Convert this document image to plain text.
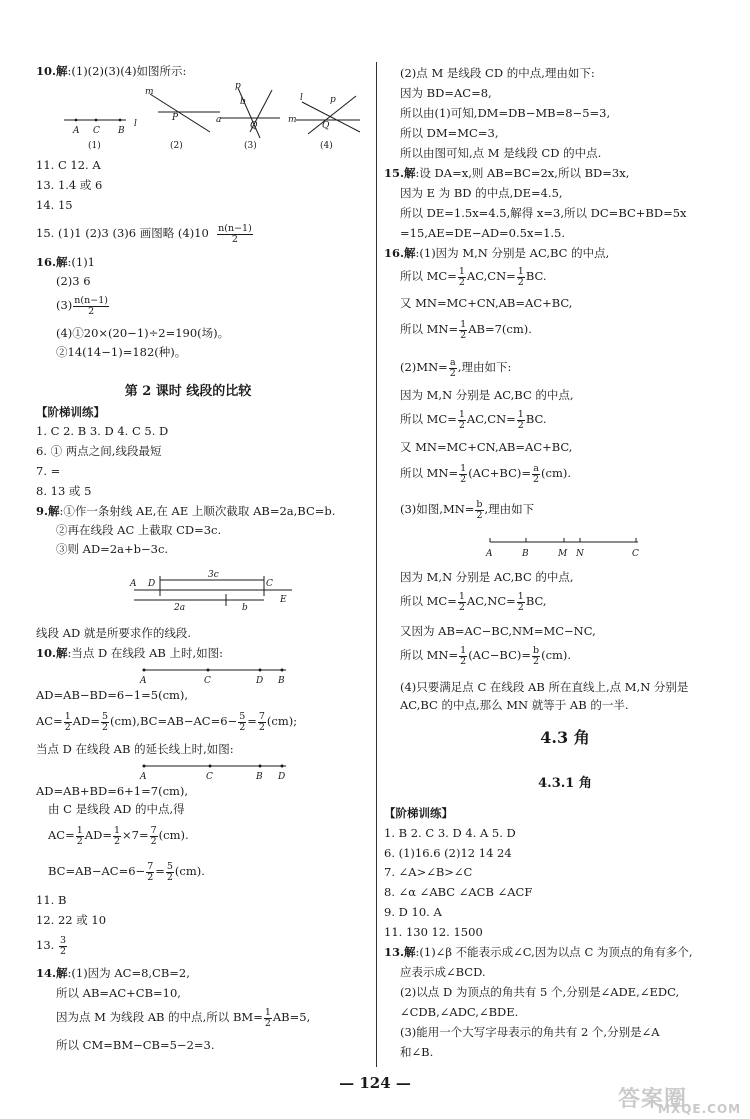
10.解:(1)(2)(3)(4)如图所示:
A C B
l
(1)
m
P
(2)
p
b
a
Q
(3)
l
m
Q
p
(4)
11. C 12. A
13. 1.4 或 6
14. 15
15. (1)1 (2)3 (3)6 画图略 $(4)10 \frac{n(n-1)}{2}$
16.解:(1)1
(2)3 6
$(3) \frac{n(n-1)}{2}$
(4)①20×(20−1)÷2=190(场)。
②14(14−1)=182(种)。
第 2 课时 线段的比较
【阶梯训练】
1. C 2. B 3. D 4. C 5. D
6. ① 两点之间,线段最短
7. =
8. 13 或 5
9.解:①作一条射线 AE,在 AE 上顺次截取 AB=2a,BC=b.
②再在线段 AC 上截取 CD=3c.
③则 AD=2a+b−3c.
A D	C
E
3c
2a	b
线段 AD 就是所要求作的线段.
10.解:当点 D 在线段 AB 上时,如图:
A	C	D B
AD=AB−BD=6−1=5(cm),
$AC= \frac{1}{2} AD= \frac{5}{2} (cm),BC=AB-AC=6- \frac{5}{2} = \frac{7}{2} (cm)$;
当点 D 在线段 AB 的延长线上时,如图:
A	C	B D
AD=AB+BD=6+1=7(cm),
由 C 是线段 AD 的中点,得
$AC= \frac{1}{2} AD= \frac{1}{2} \times 7= \frac{7}{2} (cm)$.
$BC=AB-AC=6- \frac{7}{2} = \frac{5}{2} (cm)$.
11. B
12. 22 或 10
13. $\frac{3}{2}$
14.解:(1)因为 AC=8,CB=2,
所以 AB=AC+CB=10,
因为点 M 为线段 AB 的中点,所以 $BM= \frac{1}{2} AB=5$,
所以 CM=BM−CB=5−2=3.
(2)点 M 是线段 CD 的中点,理由如下:
因为 BD=AC=8,
所以由(1)可知,DM=DB−MB=8−5=3,
所以 DM=MC=3,
所以由图可知,点 M 是线段 CD 的中点.
15.解:设 DA=x,则 AB=BC=2x,所以 BD=3x,
因为 E 为 BD 的中点,DE=4.5,
所以 DE=1.5x=4.5,解得 x=3,所以 DC=BC+BD=5x
=15,AE=DE−AD=0.5x=1.5.
16.解:(1)因为 M,N 分别是 AC,BC 的中点,
所以 $MC= \frac{1}{2} AC,CN= \frac{1}{2}$ BC.
又 MN=MC+CN,AB=AC+BC,
所以 $MN= \frac{1}{2} AB=7(cm)$.
$(2)MN= \frac{a}{2}$ ,理由如下:
因为 M,N 分别是 AC,BC 的中点,
所以 $MC= \frac{1}{2} AC,CN= \frac{1}{2}$ BC.
又 MN=MC+CN,AB=AC+BC,
所以 $MN= \frac{1}{2} (AC+BC)= \frac{a}{2} (cm)$.
(3)如图$,MN= \frac{b}{2}$ ,理由如下
A	B	M N	C
因为 M,N 分别是 AC,BC 的中点,
所以 $MC= \frac{1}{2} AC,NC= \frac{1}{2}$ BC,
又因为 AB=AC−BC,NM=MC−NC,
所以 $MN= \frac{1}{2} (AC-BC)= \frac{b}{2} (cm)$.
(4)只要满足点 C 在线段 AB 所在直线上,点 M,N 分别是
AC,BC 的中点,那么 MN 就等于 AB 的一半.
4.3 角
4.3.1 角
【阶梯训练】
1. B 2. C 3. D 4. A 5. D
6. (1)16.6 (2)12 14 24
7. ∠A>∠B>∠C
8. ∠α ∠ABC ∠ACB ∠ACF
9. D 10. A
11. 130 12. 1500
13.解:(1)∠β 不能表示成∠C,因为以点 C 为顶点的角有多个,
应表示成∠BCD.
(2)以点 D 为顶点的角共有 5 个,分别是∠ADE,∠EDC,
∠CDB,∠ADC,∠BDE.
(3)能用一个大写字母表示的角共有 2 个,分别是∠A
和∠B.
— 124 —
答案圈
MXQE.COM
